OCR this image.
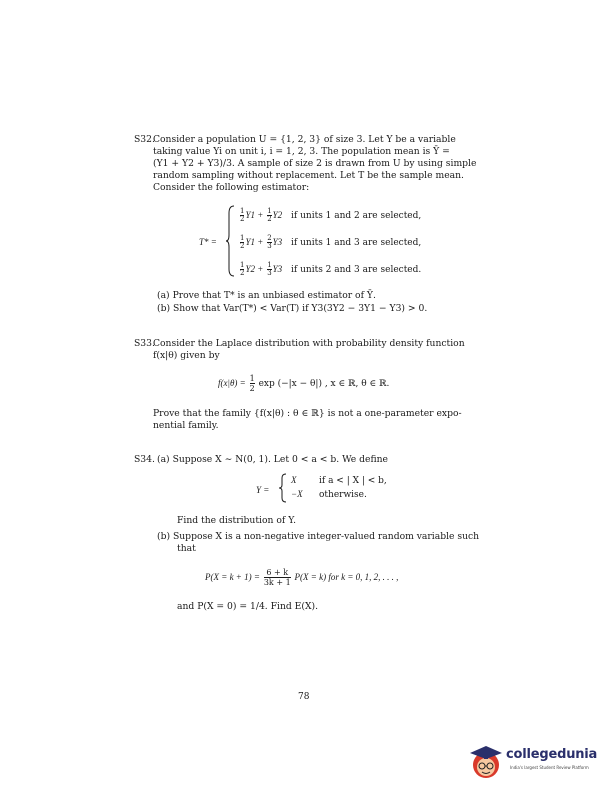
S32.
Consider a population U = {1, 2, 3} of size 3. Let Y be a variable
taking value Yi on unit i, i = 1, 2, 3. The population mean is Ȳ =
(Y1 + Y2 + Y3)/3. A sample of size 2 is drawn from U by using simple
random sampling without replacement. Let T be the sample mean.
Consider the following estimator:
T* =
$\frac{1}{2} Y1 + \frac{1}{2} Y2$ if units 1 and 2 are selected,
$\frac{1}{2} Y1 + \frac{2}{3} Y3$ if units 1 and 3 are selected,
$\frac{1}{2} Y2 + \frac{1}{3} Y3$ if units 2 and 3 are selected.
(a) Prove that T* is an unbiased estimator of Ȳ.
(b) Show that Var(T*) < Var(T) if Y3(3Y2 − 3Y1 − Y3) > 0.
S33.
Consider the Laplace distribution with probability density function
f(x|θ) given by
$f(x|\theta) = \frac{1}{2}$ exp (−|x − θ|) , x ∈ ℝ, θ ∈ ℝ.
Prove that the family {f(x|θ) : θ ∈ ℝ} is not a one-parameter expo-
nential family.
S34. (a) Suppose X ∼ N(0, 1). Let 0 < a < b. We define
Y =
X	if a < | X | < b,
−X otherwise.
Find the distribution of Y.
(b) Suppose X is a non-negative integer-valued random variable such
that
$P(X = k + 1) = \frac{6 + k}{3k + 1} P(X = k)$ for k = 0, 1, 2, . . . ,
and P(X = 0) = 1/4. Find E(X).
78
collegedunia
India's largest Student Review Platform
